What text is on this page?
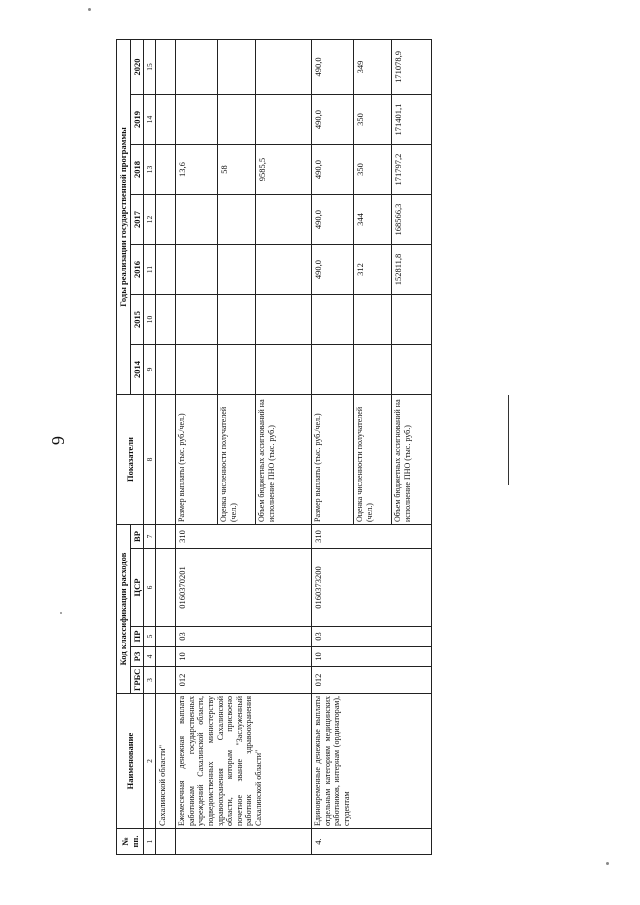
6
№ пп.	Наименование	Код классификации расходов					Показатели	Годы реализации государственной программы						
		ГРБС	РЗ	ПР	ЦСР	ВР		2014	2015	2016	2017	2018	2019	2020
1	2	3	4	5	6	7	8	9	10	11	12	13	14	15
	Сахалинской области"													
	Ежемесячная денежная выплата работникам государственных учреждений Сахалинской области, подведомственных министерству здравоохранения Сахалинской области, которым присвоено почетное звание "Заслуженный работник здравоохранения Сахалинской области"	012	10	03	0160370201	310	Размер выплаты (тыс. руб./чел.)					13,6		
							Оценка численности получателей (чел.)					58		
							Объем бюджетных ассигнований на исполнение ПНО (тыс. руб.)					9585,5		
4.	Единовременные денежные выплаты отдельным категориям медицинских работников, интернам (ординаторам), студентам	012	10	03	0160373200	310	Размер выплаты (тыс. руб./чел.)			490,0	490,0	490,0	490,0	490,0
							Оценка численности получателей (чел.)			312	344	350	350	349
							Объем бюджетных ассигнований на исполнение ПНО (тыс. руб.)			152811,8	168566,3	171797,2	171401,1	171078,9
